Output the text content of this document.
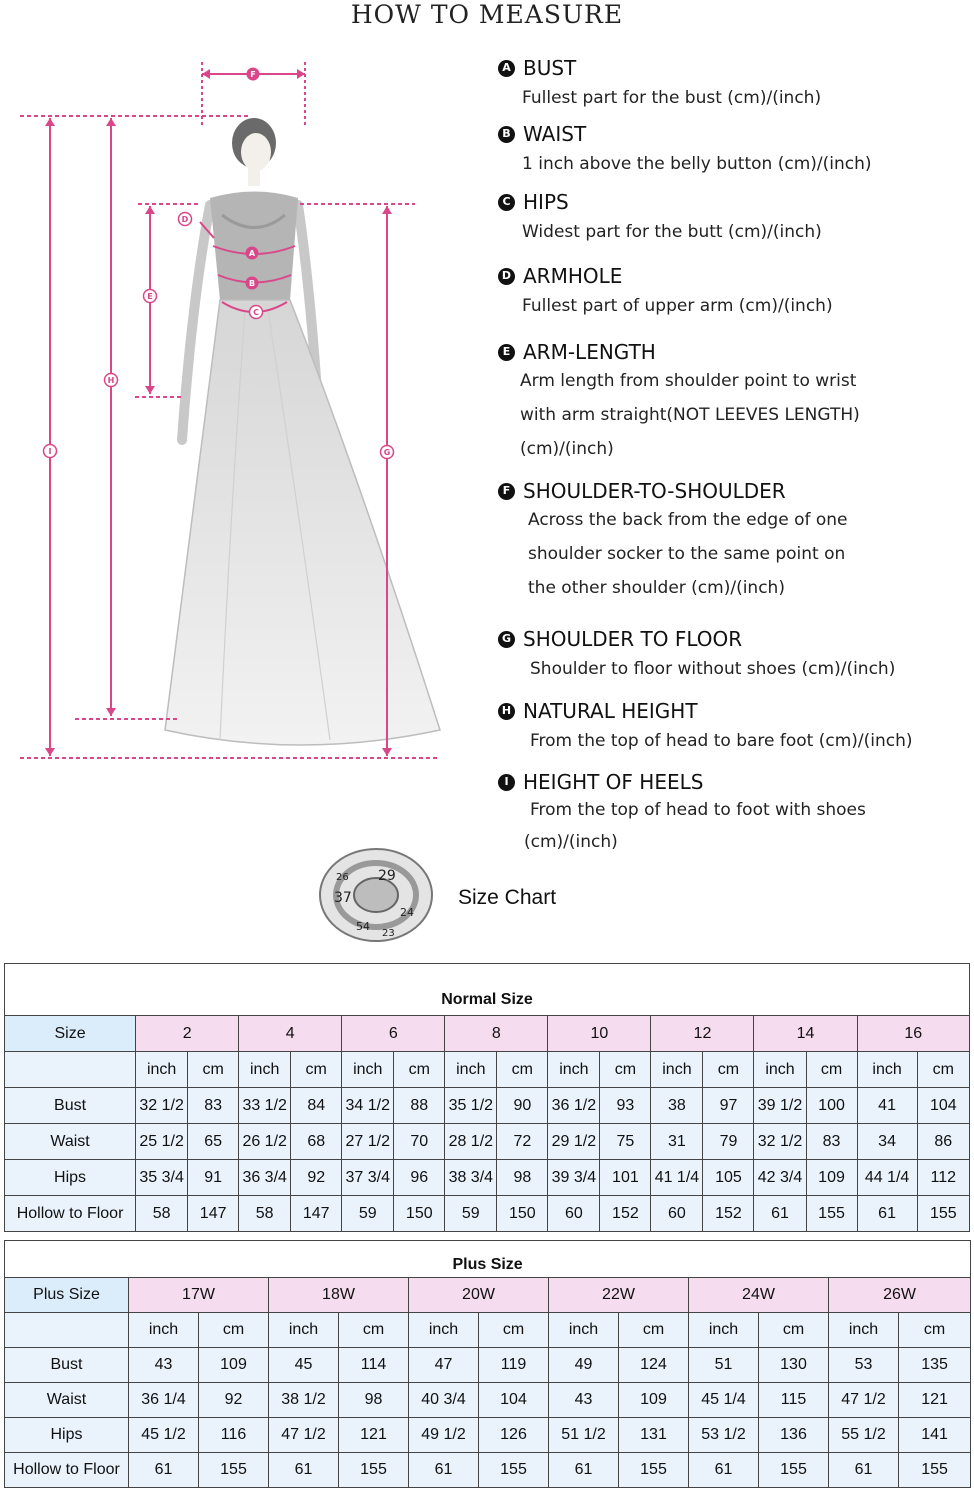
HOW TO MEASURE
F
D
A
B
C
E
H
I	G
A BUST
Fullest part for the bust (cm)/(inch)
B WAIST
1 inch above the belly button (cm)/(inch)
C HIPS
Widest part for the butt (cm)/(inch)
D ARMHOLE
Fullest part of upper arm (cm)/(inch)
E ARM-LENGTH
Arm length from shoulder point to wrist
with arm straight(NOT LEEVES LENGTH)
(cm)/(inch)
F SHOULDER-TO-SHOULDER
Across the back from the edge of one
shoulder socker to the same point on
the other shoulder (cm)/(inch)
G SHOULDER TO FLOOR
Shoulder to floor without shoes (cm)/(inch)
H NATURAL HEIGHT
From the top of head to bare foot (cm)/(inch)
I HEIGHT OF HEELS
From the top of head to foot with shoes
(cm)/(inch)
37
29
54
24
23
26
Size Chart
Normal Size																
Size	2		4		6		8		10		12		14		16	
	inch	cm	inch	cm	inch	cm	inch	cm	inch	cm	inch	cm	inch	cm	inch	cm
Bust	32 1/2	83	33 1/2	84	34 1/2	88	35 1/2	90	36 1/2	93	38	97	39 1/2	100	41	104
Waist	25 1/2	65	26 1/2	68	27 1/2	70	28 1/2	72	29 1/2	75	31	79	32 1/2	83	34	86
Hips	35 3/4	91	36 3/4	92	37 3/4	96	38 3/4	98	39 3/4	101	41 1/4	105	42 3/4	109	44 1/4	112
Hollow to Floor	58	147	58	147	59	150	59	150	60	152	60	152	61	155	61	155
Plus Size												
Plus Size	17W		18W		20W		22W		24W		26W	
	inch	cm	inch	cm	inch	cm	inch	cm	inch	cm	inch	cm
Bust	43	109	45	114	47	119	49	124	51	130	53	135
Waist	36 1/4	92	38 1/2	98	40 3/4	104	43	109	45 1/4	115	47 1/2	121
Hips	45 1/2	116	47 1/2	121	49 1/2	126	51 1/2	131	53 1/2	136	55 1/2	141
Hollow to Floor	61	155	61	155	61	155	61	155	61	155	61	155
